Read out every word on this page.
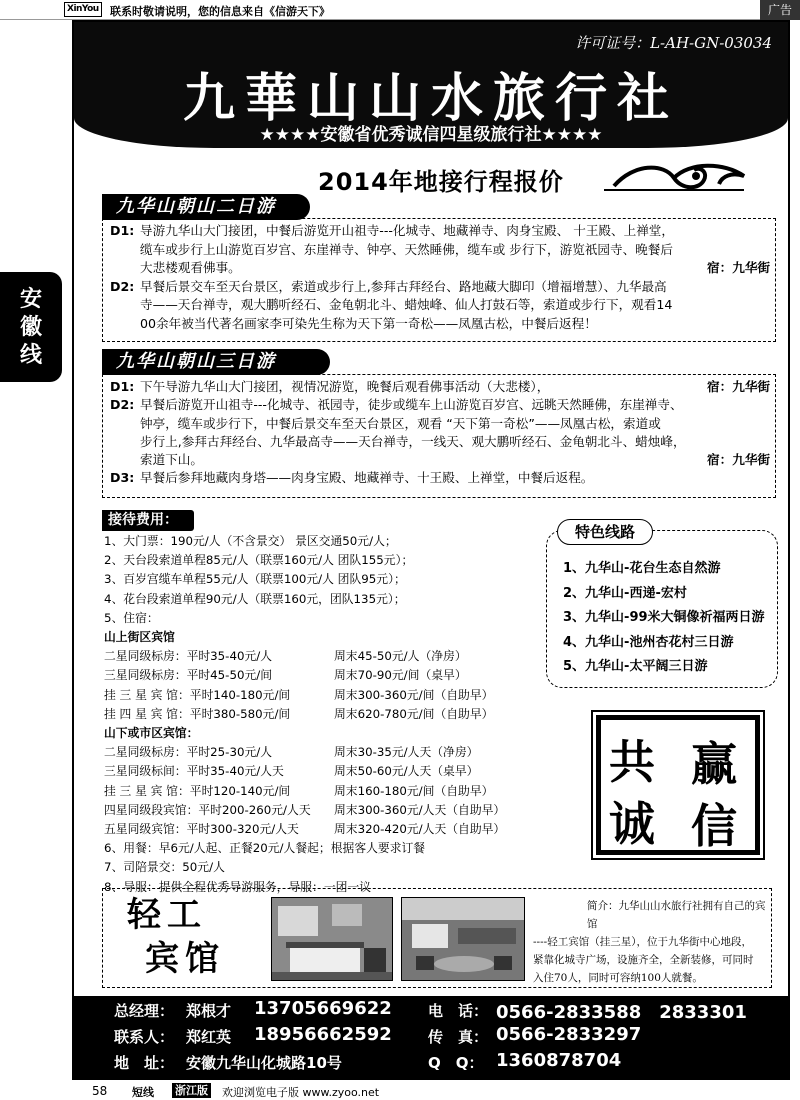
XinYou 联系时敬请说明，您的信息来自《信游天下》	广告
安
徽
线
许可证号：L-AH-GN-03034
九華山山水旅行社
★★★★安徽省优秀诚信四星级旅行社★★★★
2014年地接行程报价
九华山朝山二日游
D1: 导游九华山大门接团，中餐后游览开山祖寺---化城寺、地藏禅寺、肉身宝殿、 十王殿、上禅堂，
缆车或步行上山游览百岁宫、东崖禅寺、钟亭、天然睡佛，缆车或 步行下，游览祇园寺、晚餐后
大悲楼观看佛事。	宿：九华街
D2: 早餐后景交车至天台景区，索道或步行上,参拜古拜经台、路地藏大脚印（增福增慧）、九华最高
寺——天台禅寺，观大鹏听经石、金龟朝北斗、蜡烛峰、仙人打鼓石等，索道或步行下，观看14
00余年被当代著名画家李可染先生称为天下第一奇松——凤凰古松，中餐后返程！
九华山朝山三日游
D1: 下午导游九华山大门接团，视情况游览，晚餐后观看佛事活动（大悲楼），	宿：九华街
D2: 早餐后游览开山祖寺---化城寺、祇园寺，徒步或缆车上山游览百岁宫、远眺天然睡佛，东崖禅寺、
钟亭，缆车或步行下，中餐后景交车至天台景区，观看 “天下第一奇松”——凤凰古松，索道或
步行上,参拜古拜经台、九华最高寺——天台禅寺，一线天、观大鹏听经石、金龟朝北斗、蜡烛峰，
索道下山。	宿：九华街
D3: 早餐后参拜地藏肉身塔——肉身宝殿、地藏禅寺、十王殿、上禅堂，中餐后返程。
接待费用：
1、大门票：190元/人（不含景交） 景区交通50元/人；
2、天台段索道单程85元/人（联票160元/人 团队155元）；
3、百岁宫缆车单程55元/人（联票100元/人 团队95元）；
4、花台段索道单程90元/人（联票160元，团队135元）；
5、住宿：
山上街区宾馆
二星同级标房：平时35-40元/人	周末45-50元/人（净房）
三星同级标房：平时45-50元/间	周末70-90元/间（桌早）
挂 三 星 宾 馆：平时140-180元/间	周末300-360元/间（自助早）
挂 四 星 宾 馆：平时380-580元/间	周末620-780元/间（自助早）
山下或市区宾馆：
二星同级标房：平时25-30元/人	周末30-35元/人天（净房）
三星同级标间：平时35-40元/人天	周末50-60元/人天（桌早）
挂 三 星 宾 馆：平时120-140元/间	周末160-180元/间（自助早）
四星同级段宾馆：平时200-260元/人天 周末300-360元/人天（自助早）
五星同级宾馆：平时300-320元/人天	周末320-420元/人天（自助早）
6、用餐：早6元/人起、正餐20元/人餐起；根据客人要求订餐
7、司陪景交：50元/人
8、导服：提供全程优秀导游服务，导服：一团一议
特色线路
1、九华山-花台生态自然游
2、九华山-西递-宏村
3、九华山-99米大铜像祈福两日游
4、九华山-池州杏花村三日游
5、九华山-太平阔三日游
共 赢
诚 信
轻工
宾馆
简介：九华山山水旅行社拥有自己的宾馆
----轻工宾馆（挂三星），位于九华街中心地段，
紧靠化城寺广场，设施齐全，全新装修，可同时
入住70人，同时可容纳100人就餐。
总经理： 郑根才 13705669622 电　话： 0566-2833588　2833301
联系人： 郑红英 18956662592 传　真： 0566-2833297
地　址： 安徽九华山化城路10号	Q　Q： 1360878704
58 短线 浙江版 欢迎浏览电子版 www.zyoo.net
